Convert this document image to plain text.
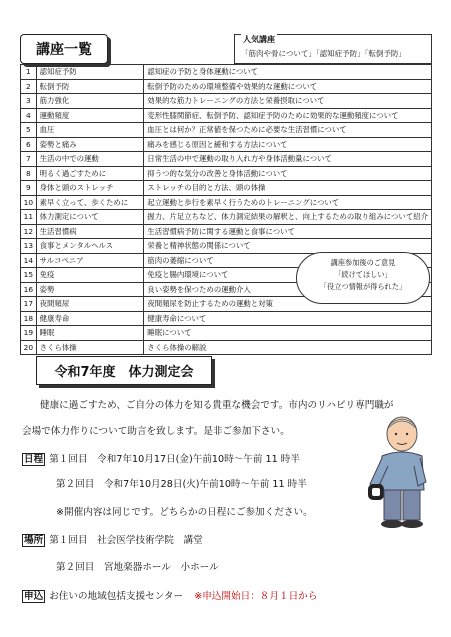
講座一覧
人気講座
「筋肉や骨について」「認知症予防」「転倒予防」
1	認知症予防	認知症の予防と身体運動について
2	転倒予防	転倒予防のための環境整備や効果的な運動について
3	筋力強化	効果的な筋力トレーニングの方法と栄養摂取について
4	運動頻度	変形性膝関節症、転倒予防、認知症予防のために効果的な運動頻度について
5	血圧	血圧とは何か？正常値を保つために必要な生活習慣について
6	姿勢と痛み	痛みを感じる原因と緩和する方法について
7	生活の中での運動	日常生活の中で運動の取り入れ方や身体活動量について
8	明るく過ごすために	抑うつ的な気分の改善と身体活動について
9	身体と頭のストレッチ	ストレッチの目的と方法、頭の体操
10	素早く立って、歩くために	起立運動と歩行を素早く行うためのトレーニングについて
11	体力測定について	握力、片足立ちなど、体力測定結果の解釈と、向上するための取り組みについて紹介
12	生活習慣病	生活習慣病予防に関する運動と食事について
13	食事とメンタルヘルス	栄養と精神状態の関係について
14	サルコペニア	筋肉の萎縮について
15	免疫	免疫と腸内環境について
16	姿勢	良い姿勢を保つための運動介入
17	夜間頻尿	夜間頻尿を防止するための運動と対策
18	健康寿命	健康寿命について
19	睡眠	睡眠について
20	さくら体操	さくら体操の解説
講座参加後のご意見
「続けてほしい」
「役立つ情報が得られた」
令和7年度　体力測定会
健康に過ごすため、ご自分の体力を知る貴重な機会です。市内のリハビリ専門職が
会場で体力作りについて助言を致します。是非ご参加下さい。
日程 第１回目　令和7年10月17日(金)午前10時～午前 11 時半
第２回目　令和7年10月28日(火)午前10時～午前 11 時半
※開催内容は同じです。どちらかの日程にご参加ください。
場所 第１回目　社会医学技術学院　講堂
第２回目　宮地楽器ホール　小ホール
申込 お住いの地域包括支援センター ※申込開始日：８月１日から
